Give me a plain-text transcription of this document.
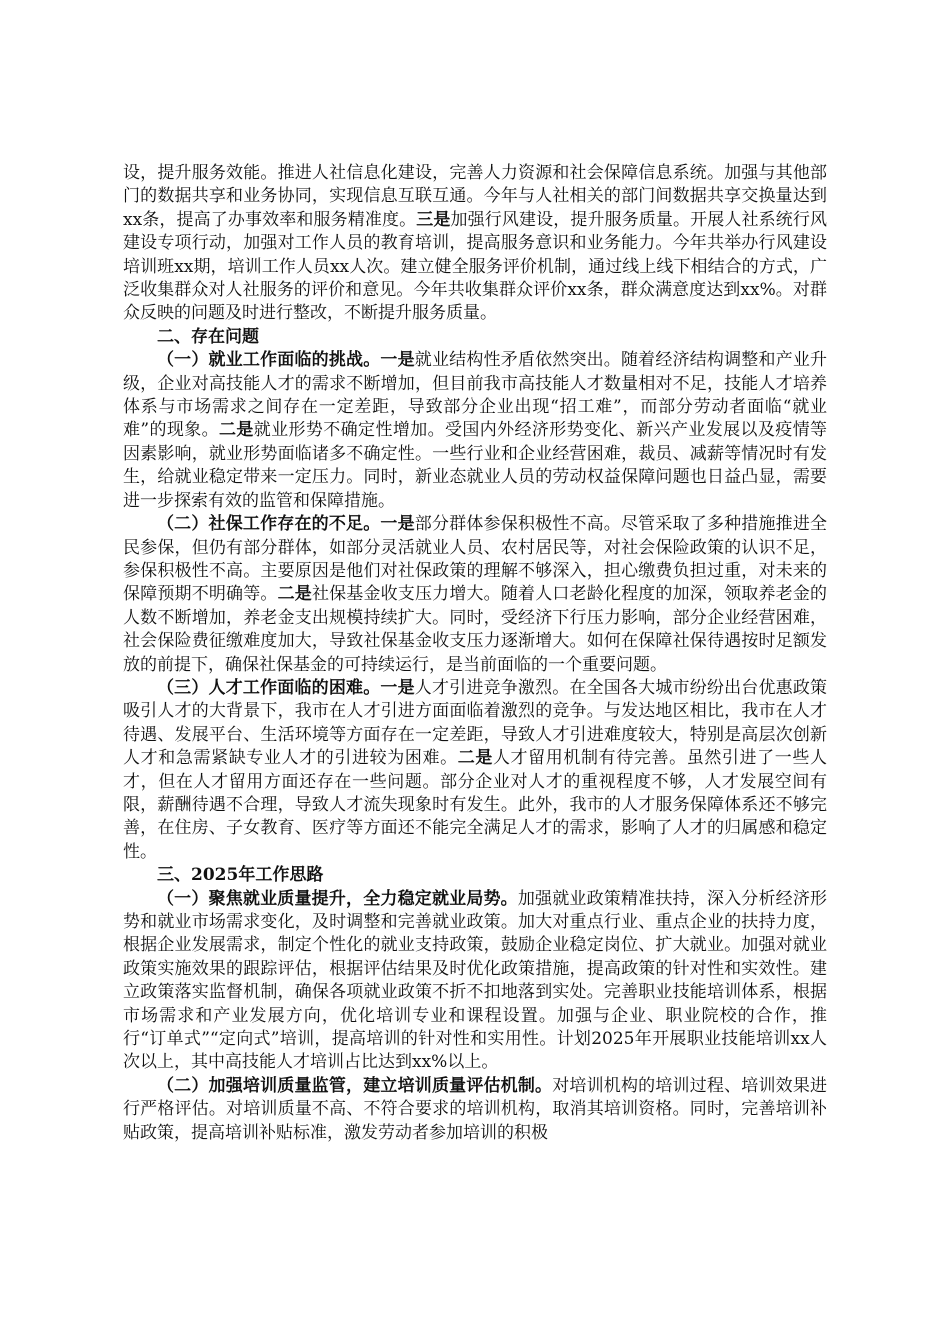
设，提升服务效能。推进人社信息化建设，完善人力资源和社会保障信息系统。加强与其他部门的数据共享和业务协同，实现信息互联互通。今年与人社相关的部门间数据共享交换量达到xx条，提高了办事效率和服务精准度。三是加强行风建设，提升服务质量。开展人社系统行风建设专项行动，加强对工作人员的教育培训，提高服务意识和业务能力。今年共举办行风建设培训班xx期，培训工作人员xx人次。建立健全服务评价机制，通过线上线下相结合的方式，广泛收集群众对人社服务的评价和意见。今年共收集群众评价xx条，群众满意度达到xx%。对群众反映的问题及时进行整改，不断提升服务质量。

二、存在问题

（一）就业工作面临的挑战。一是就业结构性矛盾依然突出。随着经济结构调整和产业升级，企业对高技能人才的需求不断增加，但目前我市高技能人才数量相对不足，技能人才培养体系与市场需求之间存在一定差距，导致部分企业出现“招工难”，而部分劳动者面临“就业难”的现象。二是就业形势不确定性增加。受国内外经济形势变化、新兴产业发展以及疫情等因素影响，就业形势面临诸多不确定性。一些行业和企业经营困难，裁员、减薪等情况时有发生，给就业稳定带来一定压力。同时，新业态就业人员的劳动权益保障问题也日益凸显，需要进一步探索有效的监管和保障措施。

（二）社保工作存在的不足。一是部分群体参保积极性不高。尽管采取了多种措施推进全民参保，但仍有部分群体，如部分灵活就业人员、农村居民等，对社会保险政策的认识不足，参保积极性不高。主要原因是他们对社保政策的理解不够深入，担心缴费负担过重，对未来的保障预期不明确等。二是社保基金收支压力增大。随着人口老龄化程度的加深，领取养老金的人数不断增加，养老金支出规模持续扩大。同时，受经济下行压力影响，部分企业经营困难，社会保险费征缴难度加大，导致社保基金收支压力逐渐增大。如何在保障社保待遇按时足额发放的前提下，确保社保基金的可持续运行，是当前面临的一个重要问题。

（三）人才工作面临的困难。一是人才引进竞争激烈。在全国各大城市纷纷出台优惠政策吸引人才的大背景下，我市在人才引进方面面临着激烈的竞争。与发达地区相比，我市在人才待遇、发展平台、生活环境等方面存在一定差距，导致人才引进难度较大，特别是高层次创新人才和急需紧缺专业人才的引进较为困难。二是人才留用机制有待完善。虽然引进了一些人才，但在人才留用方面还存在一些问题。部分企业对人才的重视程度不够，人才发展空间有限，薪酬待遇不合理，导致人才流失现象时有发生。此外，我市的人才服务保障体系还不够完善，在住房、子女教育、医疗等方面还不能完全满足人才的需求，影响了人才的归属感和稳定性。

三、2025年工作思路

（一）聚焦就业质量提升，全力稳定就业局势。加强就业政策精准扶持，深入分析经济形势和就业市场需求变化，及时调整和完善就业政策。加大对重点行业、重点企业的扶持力度，根据企业发展需求，制定个性化的就业支持政策，鼓励企业稳定岗位、扩大就业。加强对就业政策实施效果的跟踪评估，根据评估结果及时优化政策措施，提高政策的针对性和实效性。建立政策落实监督机制，确保各项就业政策不折不扣地落到实处。完善职业技能培训体系，根据市场需求和产业发展方向，优化培训专业和课程设置。加强与企业、职业院校的合作，推行“订单式”“定向式”培训，提高培训的针对性和实用性。计划2025年开展职业技能培训xx人次以上，其中高技能人才培训占比达到xx%以上。

（二）加强培训质量监管，建立培训质量评估机制。对培训机构的培训过程、培训效果进行严格评估。对培训质量不高、不符合要求的培训机构，取消其培训资格。同时，完善培训补贴政策，提高培训补贴标准，激发劳动者参加培训的积极
